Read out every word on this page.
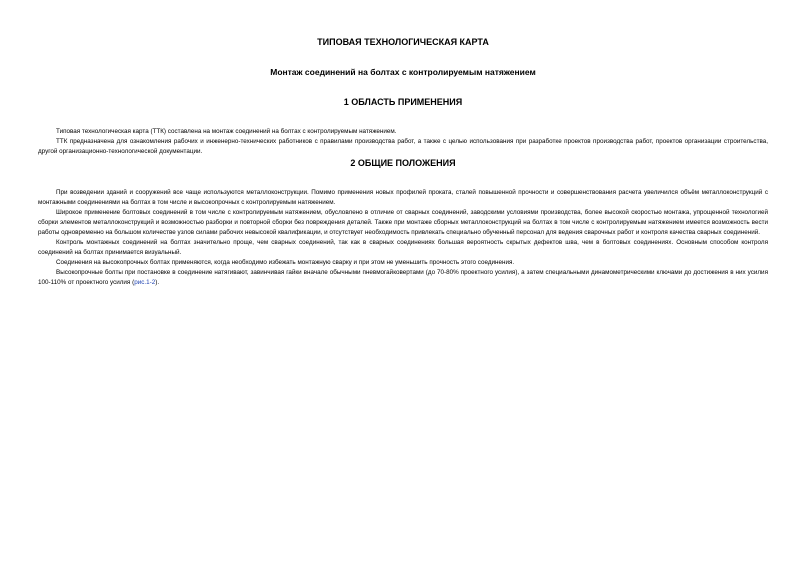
ТИПОВАЯ ТЕХНОЛОГИЧЕСКАЯ КАРТА
Монтаж соединений на болтах с контролируемым натяжением
1 ОБЛАСТЬ ПРИМЕНЕНИЯ

Типовая технологическая карта (ТТК) составлена на монтаж соединений на болтах с контролируемым натяжением.

ТТК предназначена для ознакомления рабочих и инженерно-технических работников с правилами производства работ, а также с целью использования при разработке проектов производства работ, проектов организации строительства, другой организационно-технологической документации.

2 ОБЩИЕ ПОЛОЖЕНИЯ

При возведении зданий и сооружений все чаще используются металлоконструкции. Помимо применения новых профилей проката, сталей повышенной прочности и совершенствования расчета увеличился объём металлоконструкций с монтажными соединениями на болтах в том числе и высокопрочных с контролируемым натяжением.

Широкое применение болтовых соединений в том числе с контролируемым натяжением, обусловлено в отличие от сварных соединений, заводскими условиями производства, более высокой скоростью монтажа, упрощенной технологией сборки элементов металлоконструкций и возможностью разборки и повторной сборки без повреждения деталей. Также при монтаже сборных металлоконструкций на болтах в том числе с контролируемым натяжением имеется возможность вести работы одновременно на большом количестве узлов силами рабочих невысокой квалификации, и отсутствует необходимость привлекать специально обученный персонал для ведения сварочных работ и контроля качества сварных соединений.

Контроль монтажных соединений на болтах значительно проще, чем сварных соединений, так как в сварных соединениях большая вероятность скрытых дефектов шва, чем в болтовых соединениях. Основным способом контроля соединений на болтах принимается визуальный.

Соединения на высокопрочных болтах применяются, когда необходимо избежать монтажную сварку и при этом не уменьшить прочность этого соединения.

Высокопрочные болты при постановке в соединение натягивают, завинчивая гайки вначале обычными пневмогайковертами (до 70-80% проектного усилия), а затем специальными динамометрическими ключами до достижения в них усилия 100-110% от проектного усилия (рис.1-2).
